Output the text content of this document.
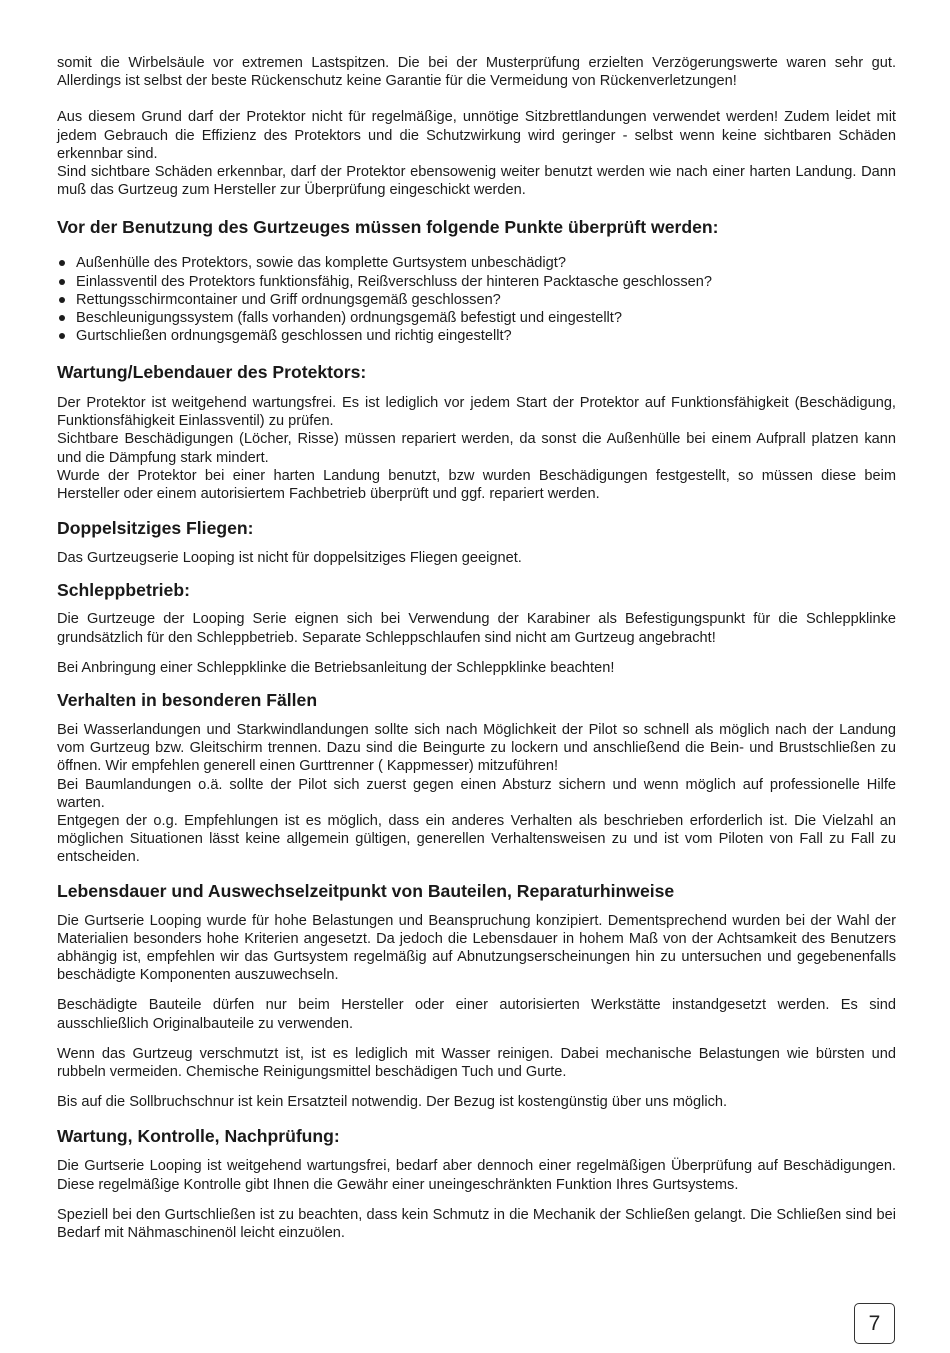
somit die Wirbelsäule vor extremen Lastspitzen. Die bei der Musterprüfung erzielten Verzögerungswerte waren sehr gut. Allerdings ist selbst der beste Rückenschutz keine Garantie für die Vermeidung von Rückenverletzungen!

Aus diesem Grund darf der Protektor nicht für regelmäßige, unnötige Sitzbrettlandungen verwendet werden! Zudem leidet mit jedem Gebrauch die Effizienz des Protektors und die Schutzwirkung wird geringer - selbst wenn keine sichtbaren Schäden erkennbar sind.

Sind sichtbare Schäden erkennbar, darf der Protektor ebensowenig weiter benutzt werden wie nach einer harten Landung. Dann muß das Gurtzeug zum Hersteller zur Überprüfung eingeschickt werden.

Vor der Benutzung des Gurtzeuges müssen folgende Punkte überprüft werden:
Außenhülle des Protektors, sowie das komplette Gurtsystem unbeschädigt?
Einlassventil des Protektors funktionsfähig, Reißverschluss der hinteren Packtasche geschlossen?
Rettungsschirmcontainer und Griff ordnungsgemäß geschlossen?
Beschleunigungssystem (falls vorhanden) ordnungsgemäß befestigt und eingestellt?
Gurtschließen ordnungsgemäß geschlossen und richtig eingestellt?
Wartung/Lebendauer des Protektors:

Der Protektor ist weitgehend wartungsfrei. Es ist lediglich vor jedem Start der Protektor auf Funktionsfähigkeit (Beschädigung, Funktionsfähigkeit Einlassventil) zu prüfen.

Sichtbare Beschädigungen (Löcher, Risse) müssen repariert werden, da sonst die Außenhülle bei einem Aufprall platzen kann und die Dämpfung stark mindert.

Wurde der Protektor bei einer harten Landung benutzt, bzw wurden Beschädigungen festgestellt, so müssen diese beim Hersteller oder einem autorisiertem Fachbetrieb überprüft und ggf. repariert werden.

Doppelsitziges Fliegen:

Das Gurtzeugserie Looping ist nicht für doppelsitziges Fliegen geeignet.

Schleppbetrieb:

Die Gurtzeuge der Looping Serie eignen sich bei Verwendung der Karabiner als Befestigungspunkt für die Schleppklinke grundsätzlich für den Schleppbetrieb. Separate Schleppschlaufen sind nicht am Gurtzeug angebracht!

Bei Anbringung einer Schleppklinke die Betriebsanleitung der Schleppklinke beachten!

Verhalten in besonderen Fällen

Bei Wasserlandungen und Starkwindlandungen sollte sich nach Möglichkeit der Pilot so schnell als möglich nach der Landung vom Gurtzeug bzw. Gleitschirm trennen. Dazu sind die Beingurte zu lockern und anschließend die Bein- und Brustschließen zu öffnen. Wir empfehlen generell einen Gurttrenner ( Kappmesser) mitzuführen!

Bei Baumlandungen o.ä. sollte der Pilot sich zuerst gegen einen Absturz sichern und wenn möglich auf professionelle Hilfe warten.

Entgegen der o.g. Empfehlungen ist es möglich, dass ein anderes Verhalten als beschrieben erforderlich ist. Die Vielzahl an möglichen Situationen lässt keine allgemein gültigen, generellen Verhaltensweisen zu und ist vom Piloten von Fall zu Fall zu entscheiden.

Lebensdauer und Auswechselzeitpunkt von Bauteilen, Reparaturhinweise

Die Gurtserie Looping wurde für hohe Belastungen und Beanspruchung konzipiert. Dementsprechend wurden bei der Wahl der Materialien besonders hohe Kriterien angesetzt. Da jedoch die Lebensdauer in hohem Maß von der Achtsamkeit des Benutzers abhängig ist, empfehlen wir das Gurtsystem regelmäßig auf Abnutzungserscheinungen hin zu untersuchen und gegebenenfalls beschädigte Komponenten auszuwechseln.

Beschädigte Bauteile dürfen nur beim Hersteller oder einer autorisierten Werkstätte instandgesetzt werden. Es sind ausschließlich Originalbauteile zu verwenden.

Wenn das Gurtzeug verschmutzt ist, ist es lediglich mit Wasser reinigen. Dabei mechanische Belastungen wie bürsten und rubbeln vermeiden. Chemische Reinigungsmittel beschädigen Tuch und Gurte.

Bis auf die Sollbruchschnur ist kein Ersatzteil notwendig. Der Bezug ist kostengünstig über uns möglich.

Wartung, Kontrolle, Nachprüfung:

Die Gurtserie Looping ist weitgehend wartungsfrei, bedarf aber dennoch einer regelmäßigen Überprüfung auf Beschädigungen. Diese regelmäßige Kontrolle gibt Ihnen die Gewähr einer uneingeschränkten Funktion Ihres Gurtsystems.

Speziell bei den Gurtschließen ist zu beachten, dass kein Schmutz in die Mechanik der Schließen gelangt. Die Schließen sind bei Bedarf mit Nähmaschinenöl leicht einzuölen.

7
